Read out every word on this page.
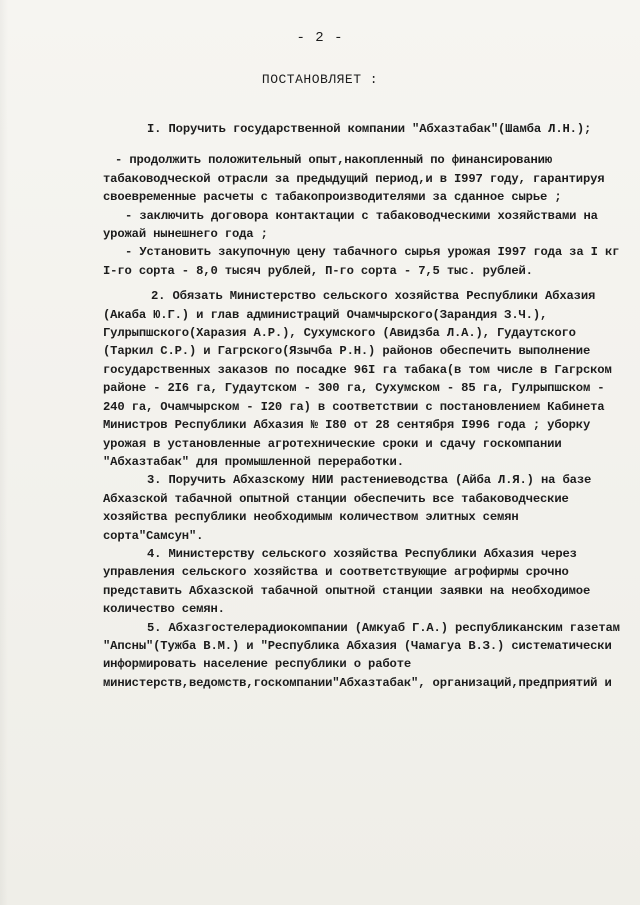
- 2 -
ПОСТАНОВЛЯЕТ :

I. Поручить государственной компании "Абхазтабак"(Шамба Л.Н.);

- продолжить положительный опыт,накопленный по финансированию табаководческой отрасли за предыдущий период,и в I997 году, гарантируя своевременные расчеты с табакопроизводителями за сданное сырье ;

- заключить договора контактации с табаководческими хозяйствами на урожай нынешнего года ;

- Установить закупочную цену табачного сырья урожая I997 года за I кг I-го сорта - 8,0 тысяч рублей, П-го сорта - 7,5 тыс. рублей.

2. Обязать Министерство сельского хозяйства Республики Абхазия (Акаба Ю.Г.) и глав администраций Очамчырского(Зарандия З.Ч.), Гулрыпшского(Харазия А.Р.), Сухумского (Авидзба Л.А.), Гудаутского (Таркил С.Р.) и Гагрского(Язычба Р.Н.) районов обеспечить выполнение государственных заказов по посадке 96I га табака(в том числе в Гагрском районе - 2I6 га, Гудаутском - 300 га, Сухумском - 85 га, Гулрыпшском - 240 га, Очамчырском - I20 га) в соответствии с постановлением Кабинета Министров Республики Абхазия № I80 от 28 сентября I996 года ; уборку урожая в установленные агротехнические сроки и сдачу госкомпании "Абхазтабак" для промышленной переработки.

3. Поручить Абхазскому НИИ растениеводства (Айба Л.Я.) на базе Абхазской табачной опытной станции обеспечить все табаководческие хозяйства республики необходимым количеством элитных семян сорта"Самсун".

4. Министерству сельского хозяйства Республики Абхазия через управления сельского хозяйства и соответствующие агрофирмы срочно представить Абхазской табачной опытной станции заявки на необходимое количество семян.

5. Абхазгостелерадиокомпании (Амкуаб Г.А.) республиканским газетам "Апсны"(Тужба В.М.) и "Республика Абхазия (Чамагуа В.З.) систематически информировать население республики о работе министерств,ведомств,госкомпании"Абхазтабак", организаций,предприятий и
